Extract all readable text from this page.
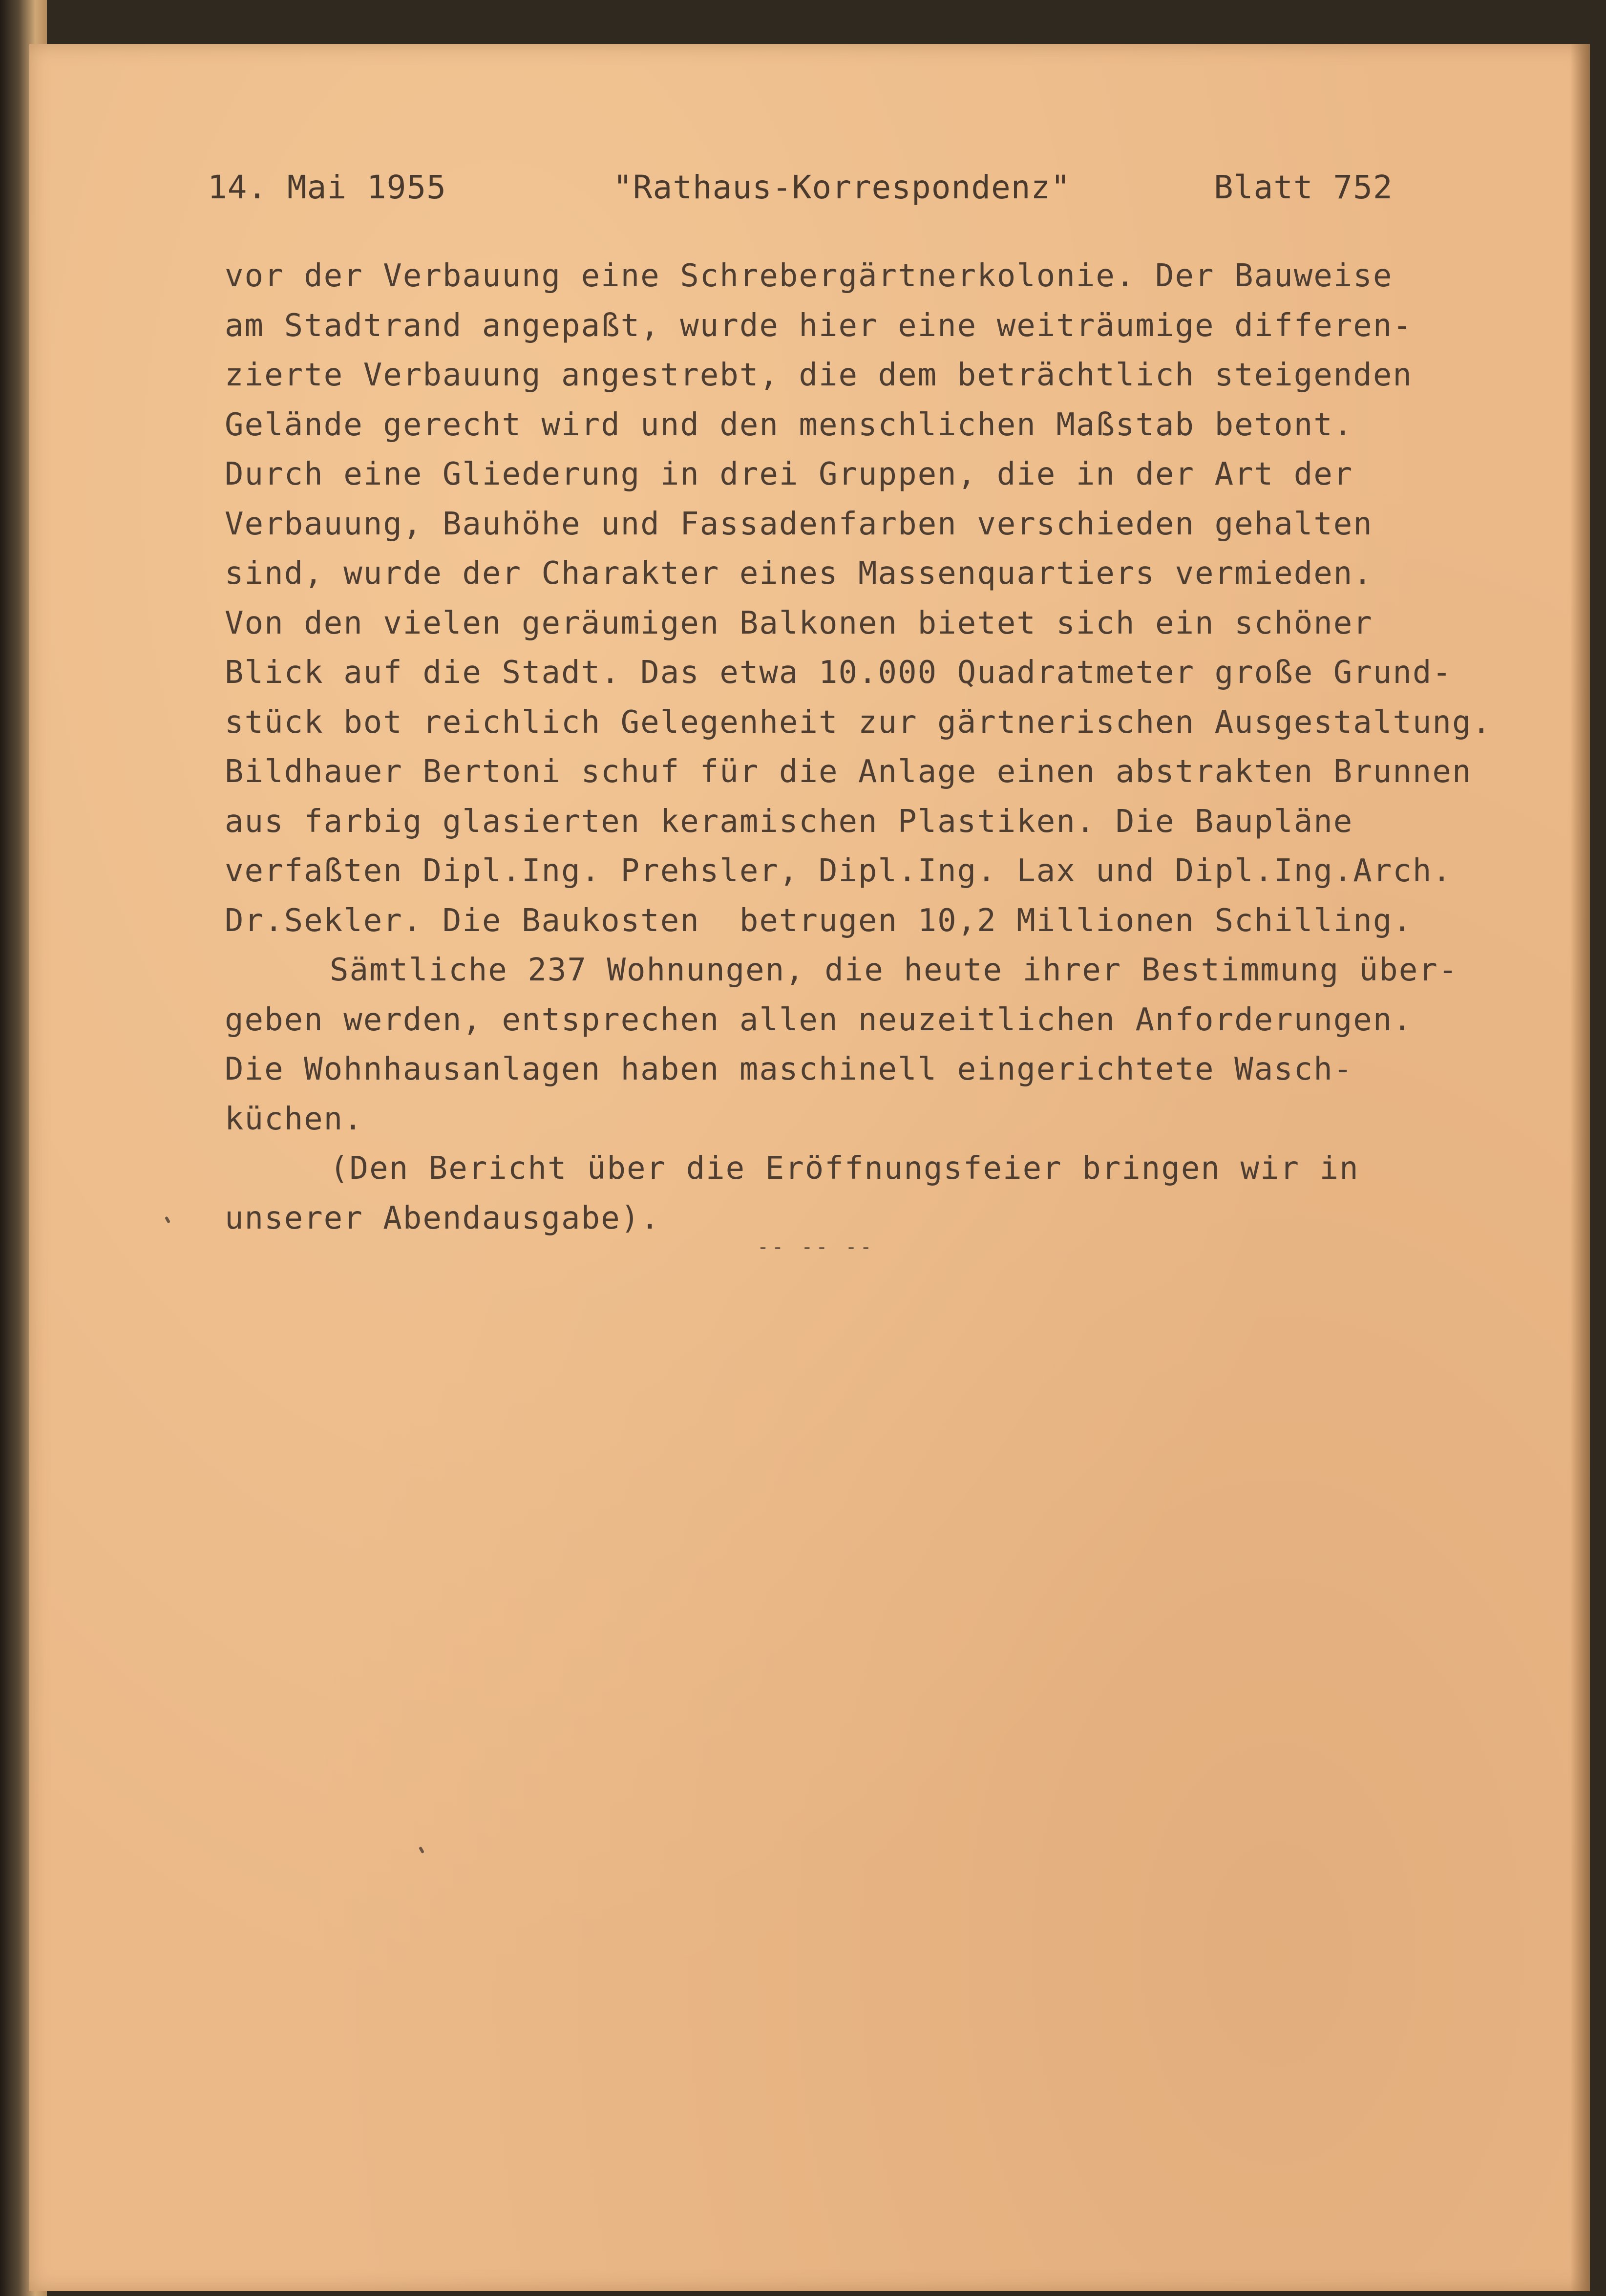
14. Mai 1955	"Rathaus-Korrespondenz"	Blatt 752
vor der Verbauung eine Schrebergärtnerkolonie. Der Bauweise
am Stadtrand angepaßt, wurde hier eine weiträumige differen-
zierte Verbauung angestrebt, die dem beträchtlich steigenden
Gelände gerecht wird und den menschlichen Maßstab betont.
Durch eine Gliederung in drei Gruppen, die in der Art der
Verbauung, Bauhöhe und Fassadenfarben verschieden gehalten
sind, wurde der Charakter eines Massenquartiers vermieden.
Von den vielen geräumigen Balkonen bietet sich ein schöner
Blick auf die Stadt. Das etwa 10.000 Quadratmeter große Grund-
stück bot reichlich Gelegenheit zur gärtnerischen Ausgestaltung.
Bildhauer Bertoni schuf für die Anlage einen abstrakten Brunnen
aus farbig glasierten keramischen Plastiken. Die Baupläne
verfaßten Dipl.Ing. Prehsler, Dipl.Ing. Lax und Dipl.Ing.Arch.
Dr.Sekler. Die Baukosten  betrugen 10,2 Millionen Schilling.
Sämtliche 237 Wohnungen, die heute ihrer Bestimmung über-
geben werden, entsprechen allen neuzeitlichen Anforderungen.
Die Wohnhausanlagen haben maschinell eingerichtete Wasch-
küchen.
(Den Bericht über die Eröffnungsfeier bringen wir in
unserer Abendausgabe).
-- -- --
